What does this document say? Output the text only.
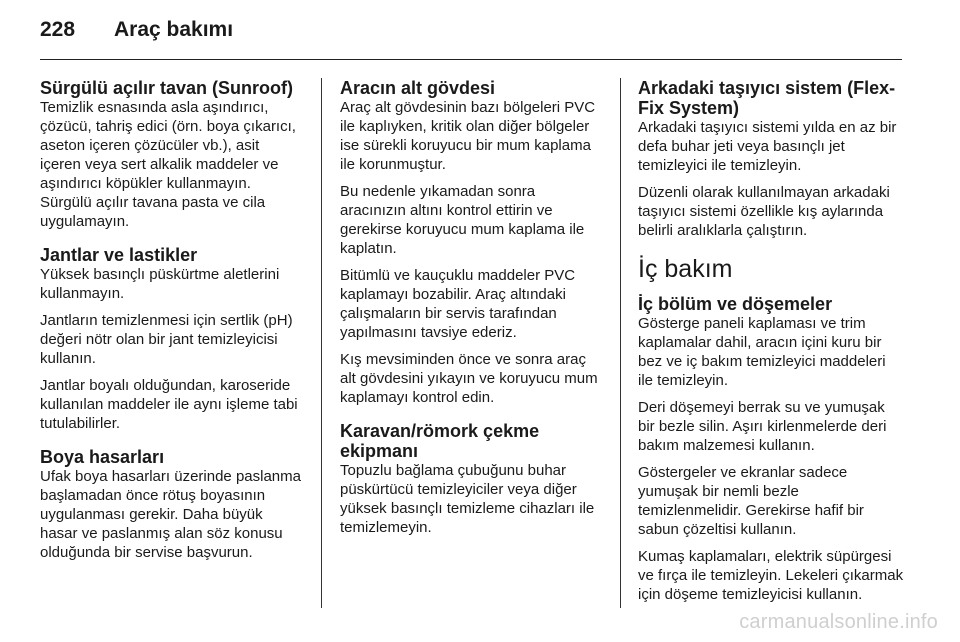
228	Araç bakımı
Sürgülü açılır tavan (Sunroof)

Temizlik esnasında asla aşındırıcı, çözücü, tahriş edici (örn. boya çıkarıcı, aseton içeren çözücüler vb.), asit içeren veya sert alkalik maddeler ve aşındırıcı köpükler kullanmayın. Sürgülü açılır tavana pasta ve cila uygulamayın.

Jantlar ve lastikler

Yüksek basınçlı püskürtme aletlerini kullanmayın.

Jantların temizlenmesi için sertlik (pH) değeri nötr olan bir jant temizleyicisi kullanın.

Jantlar boyalı olduğundan, karoseride kullanılan maddeler ile aynı işleme tabi tutulabilirler.

Boya hasarları

Ufak boya hasarları üzerinde paslanma başlamadan önce rötuş boyasının uygulanması gerekir. Daha büyük hasar ve paslanmış alan söz konusu olduğunda bir servise başvurun.

Aracın alt gövdesi

Araç alt gövdesinin bazı bölgeleri PVC ile kaplıyken, kritik olan diğer bölgeler ise sürekli koruyucu bir mum kaplama ile korunmuştur.

Bu nedenle yıkamadan sonra aracınızın altını kontrol ettirin ve gerekirse koruyucu mum kaplama ile kaplatın.

Bitümlü ve kauçuklu maddeler PVC kaplamayı bozabilir. Araç altındaki çalışmaların bir servis tarafından yapılmasını tavsiye ederiz.

Kış mevsiminden önce ve sonra araç alt gövdesini yıkayın ve koruyucu mum kaplamayı kontrol edin.

Karavan/römork çekme ekipmanı

Topuzlu bağlama çubuğunu buhar püskürtücü temizleyiciler veya diğer yüksek basınçlı temizleme cihazları ile temizlemeyin.

Arkadaki taşıyıcı sistem (Flex-Fix System)

Arkadaki taşıyıcı sistemi yılda en az bir defa buhar jeti veya basınçlı jet temizleyici ile temizleyin.

Düzenli olarak kullanılmayan arkadaki taşıyıcı sistemi özellikle kış aylarında belirli aralıklarla çalıştırın.

İç bakım
İç bölüm ve döşemeler

Gösterge paneli kaplaması ve trim kaplamalar dahil, aracın içini kuru bir bez ve iç bakım temizleyici maddeleri ile temizleyin.

Deri döşemeyi berrak su ve yumuşak bir bezle silin. Aşırı kirlenmelerde deri bakım malzemesi kullanın.

Göstergeler ve ekranlar sadece yumuşak bir nemli bezle temizlenmelidir. Gerekirse hafif bir sabun çözeltisi kullanın.

Kumaş kaplamaları, elektrik süpürgesi ve fırça ile temizleyin. Lekeleri çıkarmak için döşeme temizleyicisi kullanın.

carmanualsonline.info
